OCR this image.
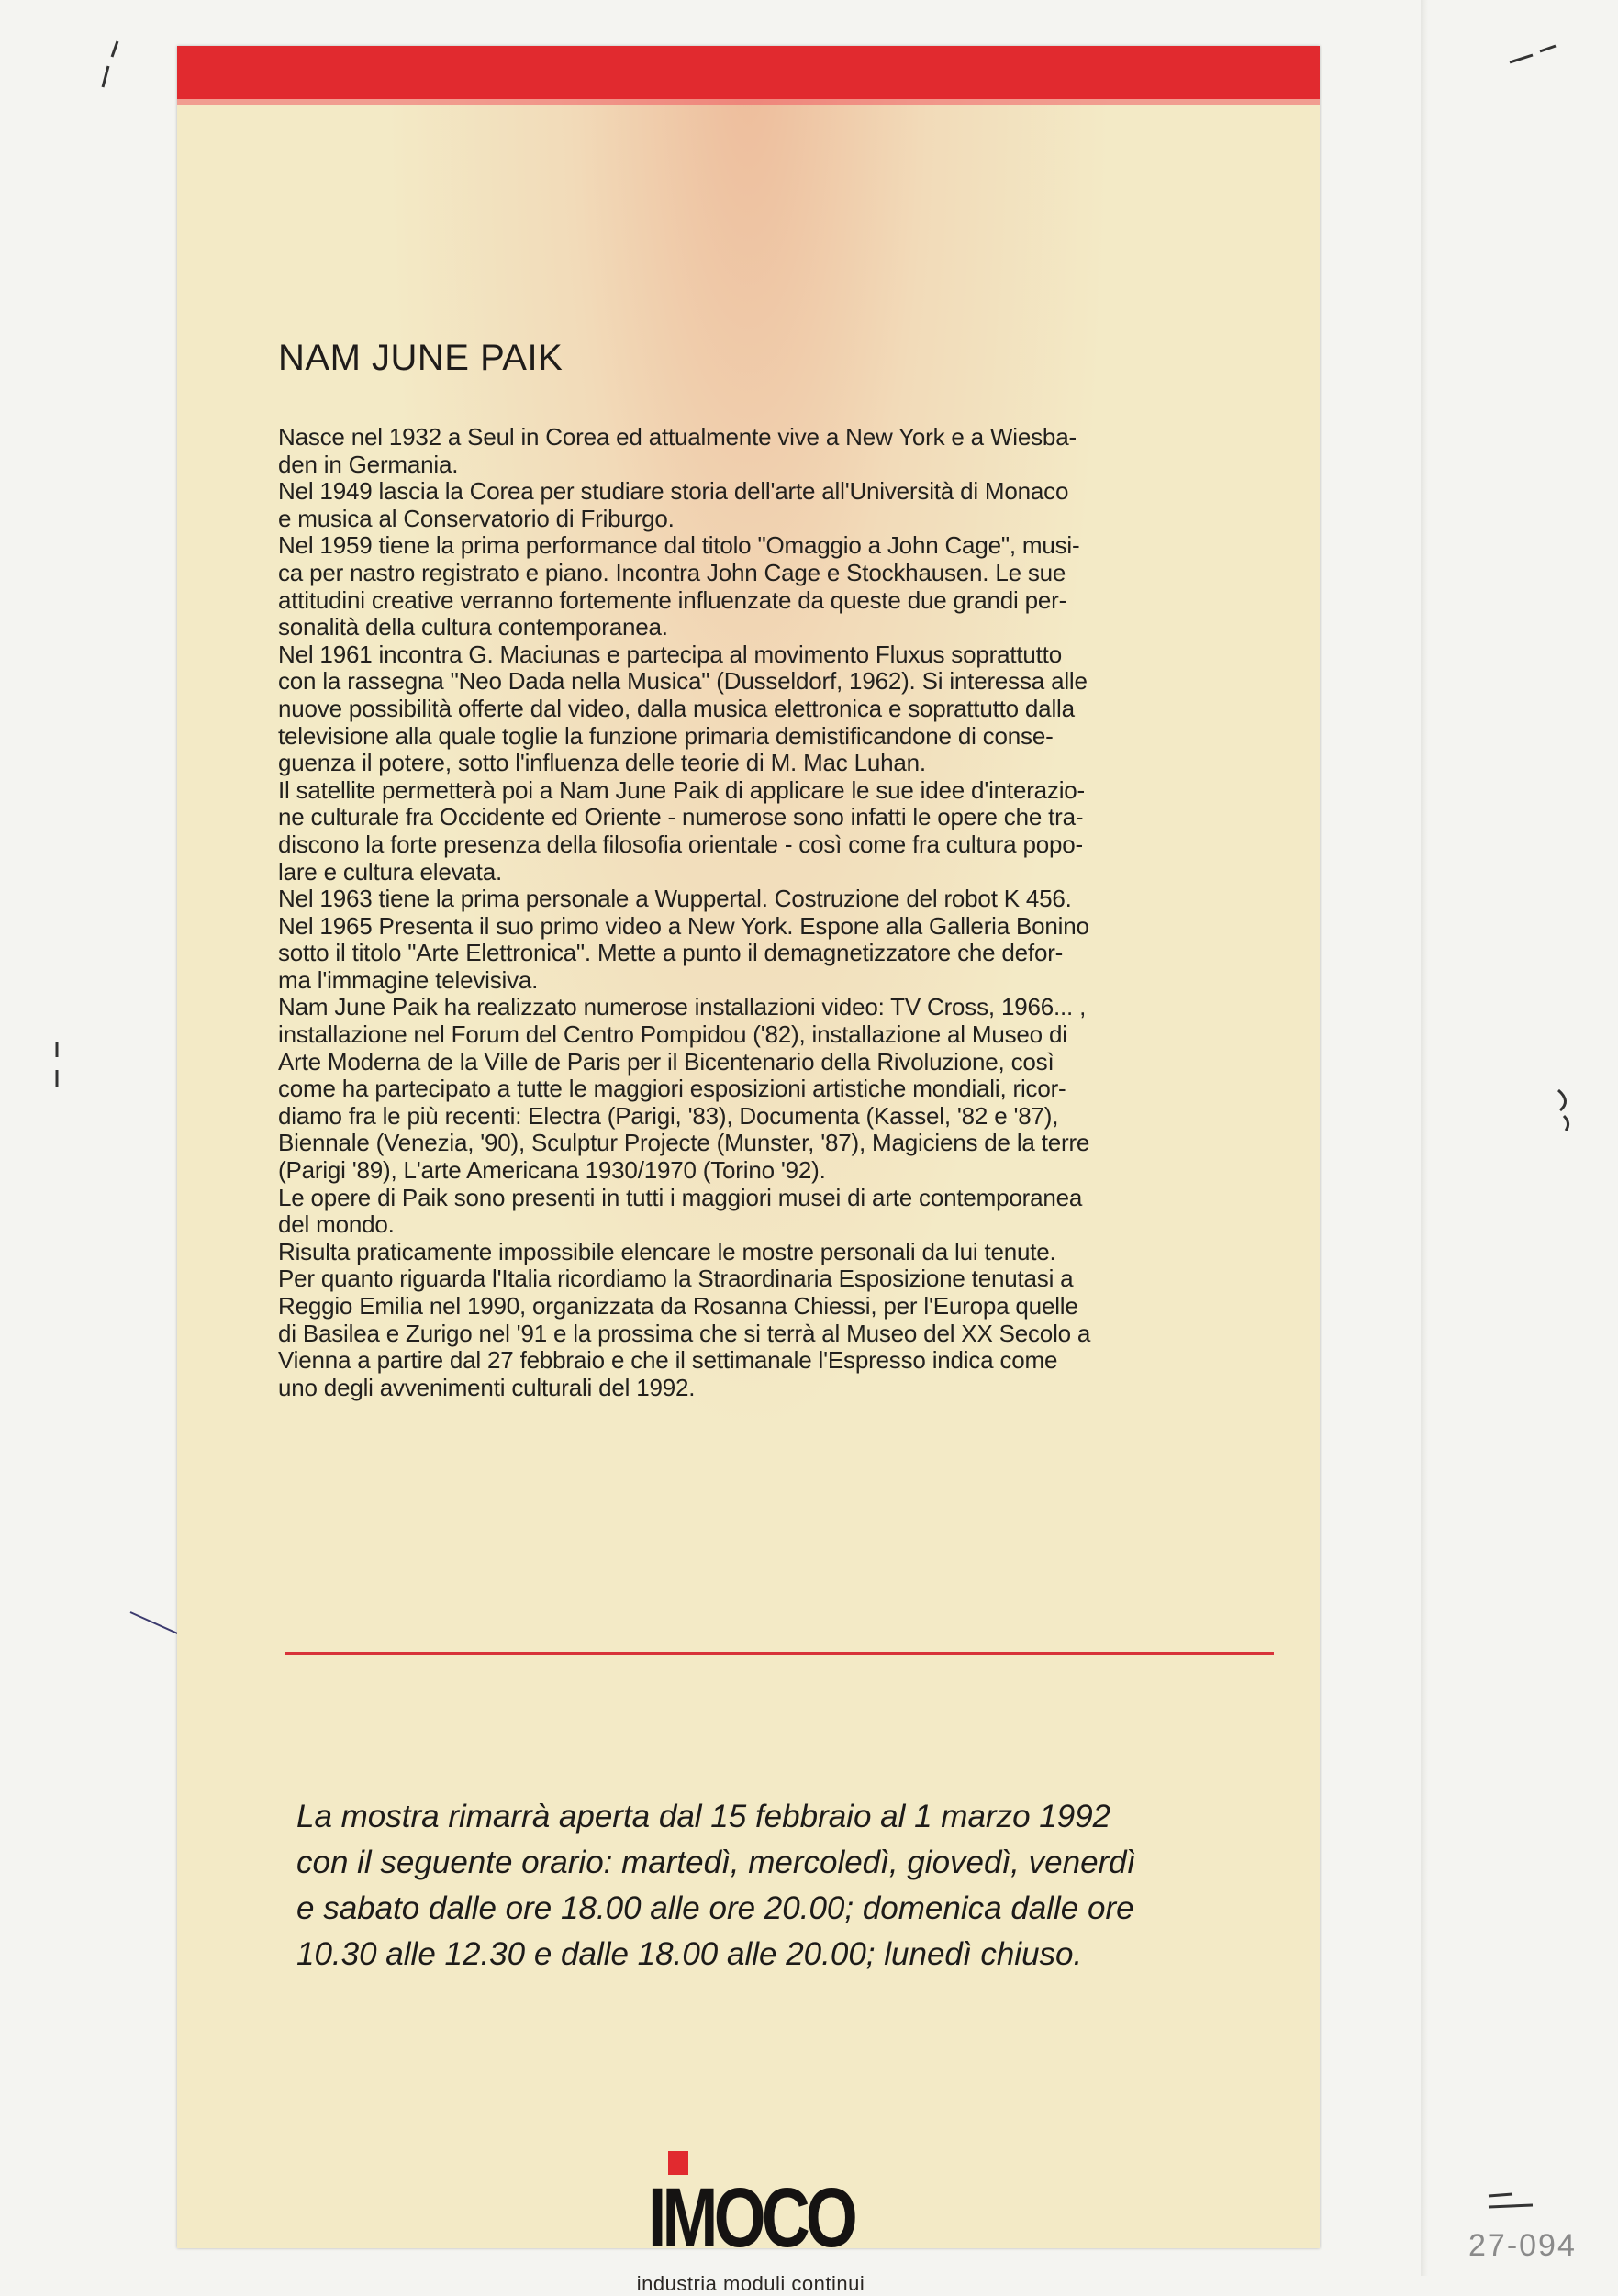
NAM JUNE PAIK
Nasce nel 1932 a Seul in Corea ed attualmente vive a New York e a Wiesba-
den in Germania.
Nel 1949 lascia la Corea per studiare storia dell'arte all'Università di Monaco
e musica al Conservatorio di Friburgo.
Nel 1959 tiene la prima performance dal titolo "Omaggio a John Cage", musi-
ca per nastro registrato e piano. Incontra John Cage e Stockhausen. Le sue
attitudini creative verranno fortemente influenzate da queste due grandi per-
sonalità della cultura contemporanea.
Nel 1961 incontra G. Maciunas e partecipa al movimento Fluxus soprattutto
con la rassegna "Neo Dada nella Musica" (Dusseldorf, 1962). Si interessa alle
nuove possibilità offerte dal video, dalla musica elettronica e soprattutto dalla
televisione alla quale toglie la funzione primaria demistificandone di conse-
guenza il potere, sotto l'influenza delle teorie di M. Mac Luhan.
Il satellite permetterà poi a Nam June Paik di applicare le sue idee d'interazio-
ne culturale fra Occidente ed Oriente - numerose sono infatti le opere che tra-
discono la forte presenza della filosofia orientale - così come fra cultura popo-
lare e cultura elevata.
Nel 1963 tiene la prima personale a Wuppertal. Costruzione del robot K 456.
Nel 1965 Presenta il suo primo video a New York. Espone alla Galleria Bonino
sotto il titolo "Arte Elettronica". Mette a punto il demagnetizzatore che defor-
ma l'immagine televisiva.
Nam June Paik ha realizzato numerose installazioni video: TV Cross, 1966... ,
installazione nel Forum del Centro Pompidou ('82), installazione al Museo di
Arte Moderna de la Ville de Paris per il Bicentenario della Rivoluzione, così
come ha partecipato a tutte le maggiori esposizioni artistiche mondiali, ricor-
diamo fra le più recenti: Electra (Parigi, '83), Documenta (Kassel, '82 e '87),
Biennale (Venezia, '90), Sculptur Projecte (Munster, '87), Magiciens de la terre
(Parigi '89), L'arte Americana 1930/1970 (Torino '92).
Le opere di Paik sono presenti in tutti i maggiori musei di arte contemporanea
del mondo.
Risulta praticamente impossibile elencare le mostre personali da lui tenute.
Per quanto riguarda l'Italia ricordiamo la Straordinaria Esposizione tenutasi a
Reggio Emilia nel 1990, organizzata da Rosanna Chiessi, per l'Europa quelle
di Basilea e Zurigo nel '91 e la prossima che si terrà al Museo del XX Secolo a
Vienna a partire dal 27 febbraio e che il settimanale l'Espresso indica come
uno degli avvenimenti culturali del 1992.
La mostra rimarrà aperta dal 15 febbraio al 1 marzo 1992
con il seguente orario: martedì, mercoledì, giovedì, venerdì
e sabato dalle ore 18.00 alle ore 20.00; domenica dalle ore
10.30 alle 12.30 e dalle 18.00 alle 20.00; lunedì chiuso.
IMOCO
industria moduli continui
27-094
